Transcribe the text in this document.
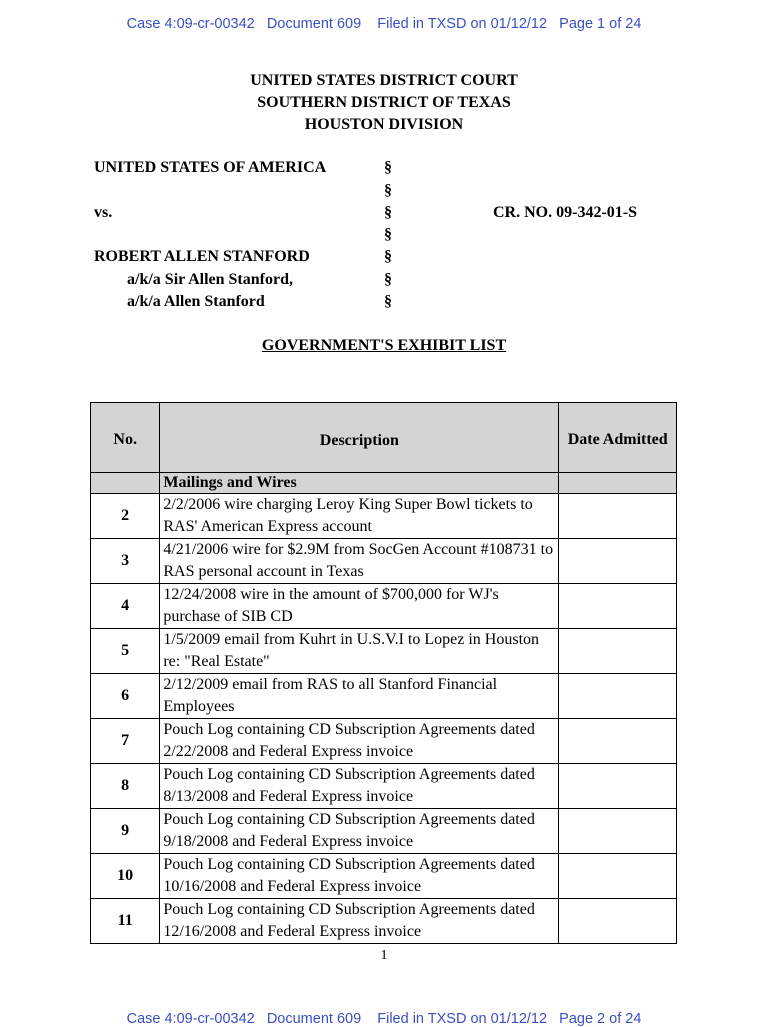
Case 4:09-cr-00342   Document 609    Filed in TXSD on 01/12/12   Page 1 of 24
UNITED STATES DISTRICT COURT
SOUTHERN DISTRICT OF TEXAS
HOUSTON DIVISION
UNITED STATES OF AMERICA
vs.
ROBERT ALLEN STANFORD
a/k/a Sir Allen Stanford,
a/k/a Allen Stanford
CR. NO. 09-342-01-S
§
§
§
§
§
§
§
GOVERNMENT'S EXHIBIT LIST
No.	Description	Date Admitted
	Mailings and Wires	
2	2/2/2006 wire charging Leroy King Super Bowl tickets to RAS' American Express account	
3	4/21/2006 wire for $2.9M from SocGen Account #108731 to RAS personal account in Texas	
4	12/24/2008 wire in the amount of $700,000 for WJ's purchase of SIB CD	
5	1/5/2009 email from Kuhrt in U.S.V.I to Lopez in Houston re: "Real Estate"	
6	2/12/2009 email from RAS to all Stanford Financial Employees	
7	Pouch Log containing CD Subscription Agreements dated 2/22/2008 and Federal Express invoice	
8	Pouch Log containing CD Subscription Agreements dated 8/13/2008 and Federal Express invoice	
9	Pouch Log containing CD Subscription Agreements dated 9/18/2008 and Federal Express invoice	
10	Pouch Log containing CD Subscription Agreements dated 10/16/2008 and Federal Express invoice	
11	Pouch Log containing CD Subscription Agreements dated 12/16/2008 and Federal Express invoice	
1
Case 4:09-cr-00342   Document 609    Filed in TXSD on 01/12/12   Page 2 of 24
